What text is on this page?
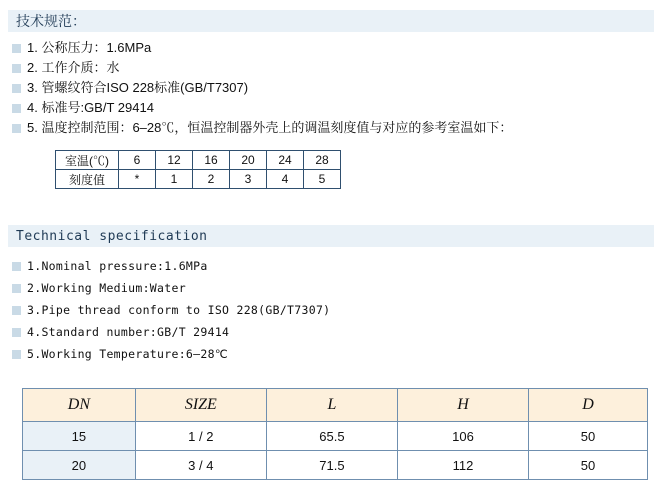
技术规范：
1. 公称压力：1.6MPa
2. 工作介质：水
3. 管螺纹符合ISO 228标准(GB/T7307)
4. 标准号:GB/T 29414
5. 温度控制范围：6–28℃，恒温控制器外壳上的调温刻度值与对应的参考室温如下：
室温(℃)	6	12	16	20	24	28
刻度值	*	1	2	3	4	5
Technical specification
1.Nominal pressure:1.6MPa
2.Working Medium:Water
3.Pipe thread conform to ISO 228(GB/T7307)
4.Standard number:GB/T 29414
5.Working Temperature:6–28℃
DN	SIZE	L	H	D
15	1 / 2	65.5	106	50
20	3 / 4	71.5	112	50
